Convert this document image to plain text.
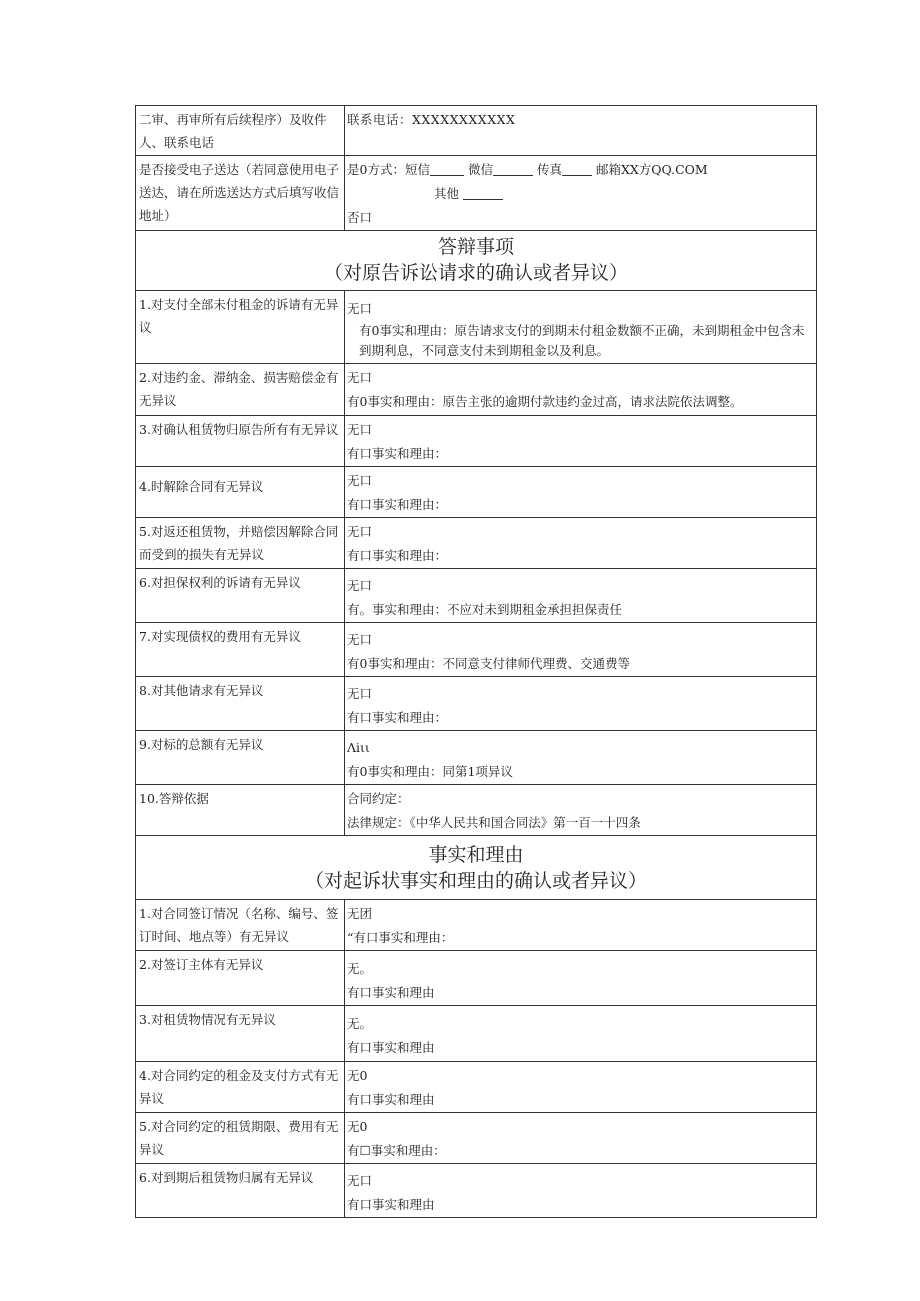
二审、再审所有后续程序）及收件人、联系电话	联系电话：XXXXXXXXXXX

是否接受电子送达（若同意使用电子送达，请在所选送达方式后填写收信地址）	是0方式：短信 微信 传真 邮箱XX方QQ.COM
其他
否口

答辩事项
（对原告诉讼请求的确认或者异议）	

1.对支付全部未付租金的诉请有无异议	无口
有0事实和理由：原告请求支付的到期未付租金数额不正确，未到期租金中包含未到期利息，不同意支付未到期租金以及利息。

2.对违约金、滞纳金、损害赔偿金有无异议	无口
有0事实和理由：原告主张的逾期付款违约金过高，请求法院依法调整。

3.对确认租赁物归原告所有有无异议	无口
有口事实和理由：

4.时解除合同有无异议	无口
有口事实和理由：

5.对返还租赁物，并赔偿因解除合同而受到的损失有无异议	无口
有口事实和理由：

6.对担保权利的诉请有无异议	无口
有。事实和理由：不应对未到期租金承担担保责任

7.对实现债权的费用有无异议	无口
有0事实和理由：不同意支付律师代理费、交通费等

8.对其他请求有无异议	无口
有口事实和理由：

9.对标的总额有无异议	Λiιι
有0事实和理由：同第1项异议

10.答辩依据	合同约定：
法律规定：《中华人民共和国合同法》第一百一十四条

事实和理由
（对起诉状事实和理由的确认或者异议）	

1.对合同签订情况（名称、编号、签订时间、地点等）有无异议	无团
“有口事实和理由：

2.对签订主体有无异议	无。
有口事实和理由

3.对租赁物情况有无异议	无。
有口事实和理由

4.对合同约定的租金及支付方式有无异议	无0
有口事实和理由

5.对合同约定的租赁期限、费用有无异议	无0
有☐事实和理由：

6.对到期后租赁物归属有无异议	无口
有口事实和理由
